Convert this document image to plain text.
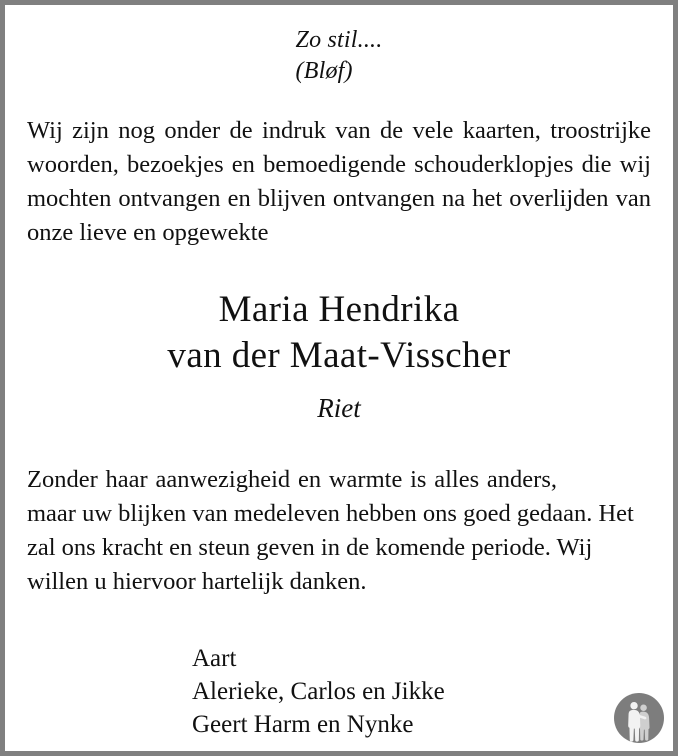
Zo stil....
(Bløf)

Wij zijn nog onder de indruk van de vele kaarten, troostrijke woorden, bezoekjes en bemoedigende schouderklopjes die wij mochten ontvangen en blijven ontvangen na het overlijden van onze lieve en opgewekte

Maria Hendrika
van der Maat-Visscher
Riet
Zonder haar aanwezigheid en warmte is alles anders,
maar uw blijken van medeleven hebben ons goed gedaan. Het zal ons kracht en steun geven in de komende periode. Wij willen u hiervoor hartelijk danken.
Aart
Alerieke, Carlos en Jikke
Geert Harm en Nynke
